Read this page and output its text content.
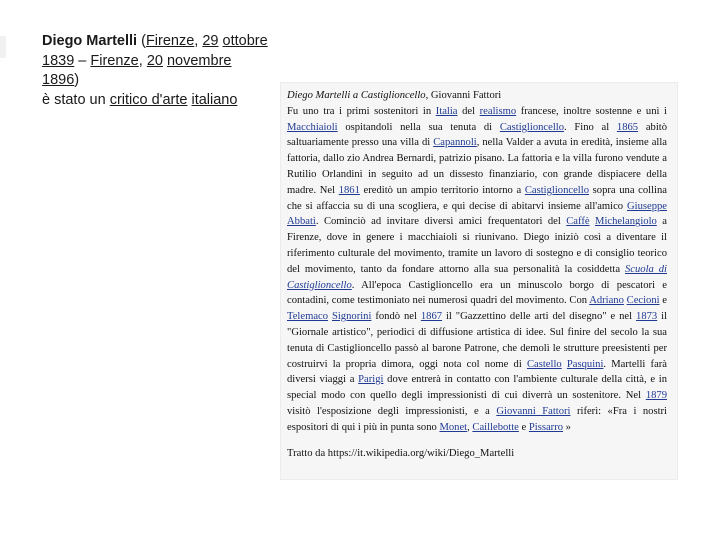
Diego Martelli (Firenze, 29 ottobre 1839 – Firenze, 20 novembre 1896)
è stato un critico d'arte italiano	Diego Martelli a Castiglioncello, Giovanni Fattori

Fu uno tra i primi sostenitori in Italia del realismo francese, inoltre sostenne e unì i Macchiaioli ospitandoli nella sua tenuta di Castiglioncello. Fino al 1865 abitò saltuariamente presso una villa di Capannoli, nella Valder a avuta in eredità, insieme alla fattoria, dallo zio Andrea Bernardi, patrizio pisano. La fattoria e la villa furono vendute a Rutilio Orlandini in seguito ad un dissesto finanziario, con grande dispiacere della madre. Nel 1861 ereditò un ampio territorio intorno a Castiglioncello sopra una collina che si affaccia su di una scogliera, e qui decise di abitarvi insieme all'amico Giuseppe Abbati. Cominciò ad invitare diversi amici frequentatori del Caffè Michelangiolo a Firenze, dove in genere i macchiaioli si riunivano. Diego iniziò così a diventare il riferimento culturale del movimento, tramite un lavoro di sostegno e di consiglio teorico del movimento, tanto da fondare attorno alla sua personalità la cosiddetta Scuola di Castiglioncello. All'epoca Castiglioncello era un minuscolo borgo di pescatori e contadini, come testimoniato nei numerosi quadri del movimento. Con Adriano Cecioni e Telemaco Signorini fondò nel 1867 il "Gazzettino delle arti del disegno" e nel 1873 il "Giornale artistico", periodici di diffusione artistica di idee. Sul finire del secolo la sua tenuta di Castiglioncello passò al barone Patrone, che demolì le strutture preesistenti per costruirvi la propria dimora, oggi nota col nome di Castello Pasquini. Martelli farà diversi viaggi a Parigi dove entrerà in contatto con l'ambiente culturale della città, e in special modo con quello degli impressionisti di cui diverrà un sostenitore. Nel 1879 visitò l'esposizione degli impressionisti, e a Giovanni Fattori riferì: «Fra i nostri espositori di qui i più in punta sono Monet, Caillebotte e Pissarro »

Tratto da https://it.wikipedia.org/wiki/Diego_Martelli
